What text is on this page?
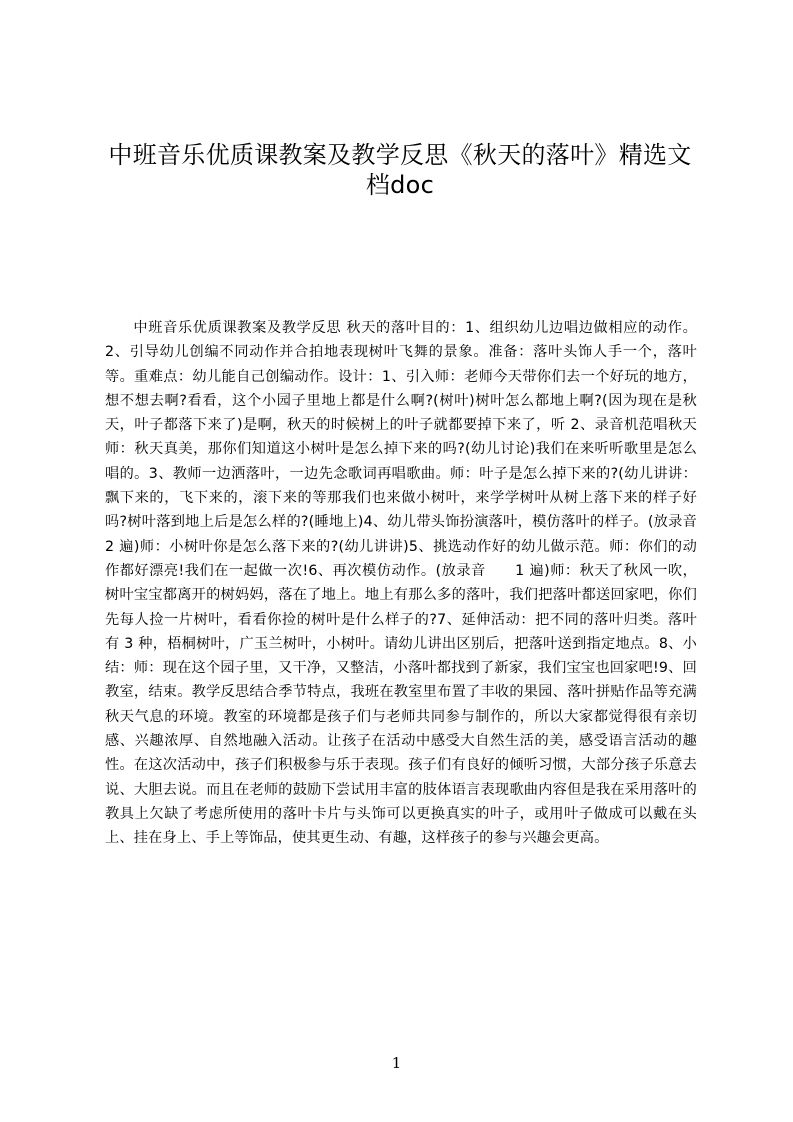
中班音乐优质课教案及教学反思《秋天的落叶》精选文档doc

中班音乐优质课教案及教学反思 秋天的落叶目的：1、组织幼儿边唱边做相应的动作。2、引导幼儿创编不同动作并合拍地表现树叶飞舞的景象。准备：落叶头饰人手一个，落叶等。重难点：幼儿能自己创编动作。设计：1、引入师：老师今天带你们去一个好玩的地方，想不想去啊?看看，这个小园子里地上都是什么啊?(树叶)树叶怎么都地上啊?(因为现在是秋天，叶子都落下来了)是啊，秋天的时候树上的叶子就都要掉下来了，听 2、录音机范唱秋天师：秋天真美，那你们知道这小树叶是怎么掉下来的吗?(幼儿讨论)我们在来听听歌里是怎么唱的。3、教师一边洒落叶，一边先念歌词再唱歌曲。师：叶子是怎么掉下来的?(幼儿讲讲：飘下来的，飞下来的，滚下来的等那我们也来做小树叶，来学学树叶从树上落下来的样子好吗?树叶落到地上后是怎么样的?(睡地上)4、幼儿带头饰扮演落叶，模仿落叶的样子。(放录音　　2 遍)师：小树叶你是怎么落下来的?(幼儿讲讲)5、挑选动作好的幼儿做示范。师：你们的动作都好漂亮!我们在一起做一次!6、再次模仿动作。(放录音　　1 遍)师：秋天了秋风一吹，树叶宝宝都离开的树妈妈，落在了地上。地上有那么多的落叶，我们把落叶都送回家吧，你们先每人捡一片树叶，看看你捡的树叶是什么样子的?7、延伸活动：把不同的落叶归类。落叶有 3 种，梧桐树叶，广玉兰树叶，小树叶。请幼儿讲出区别后，把落叶送到指定地点。8、小结：师：现在这个园子里，又干净，又整洁，小落叶都找到了新家，我们宝宝也回家吧!9、回教室，结束。教学反思结合季节特点，我班在教室里布置了丰收的果园、落叶拼贴作品等充满秋天气息的环境。教室的环境都是孩子们与老师共同参与制作的，所以大家都觉得很有亲切感、兴趣浓厚、自然地融入活动。让孩子在活动中感受大自然生活的美，感受语言活动的趣性。在这次活动中，孩子们积极参与乐于表现。孩子们有良好的倾听习惯，大部分孩子乐意去说、大胆去说。而且在老师的鼓励下尝试用丰富的肢体语言表现歌曲内容但是我在采用落叶的教具上欠缺了考虑所使用的落叶卡片与头饰可以更换真实的叶子，或用叶子做成可以戴在头上、挂在身上、手上等饰品，使其更生动、有趣，这样孩子的参与兴趣会更高。

1
